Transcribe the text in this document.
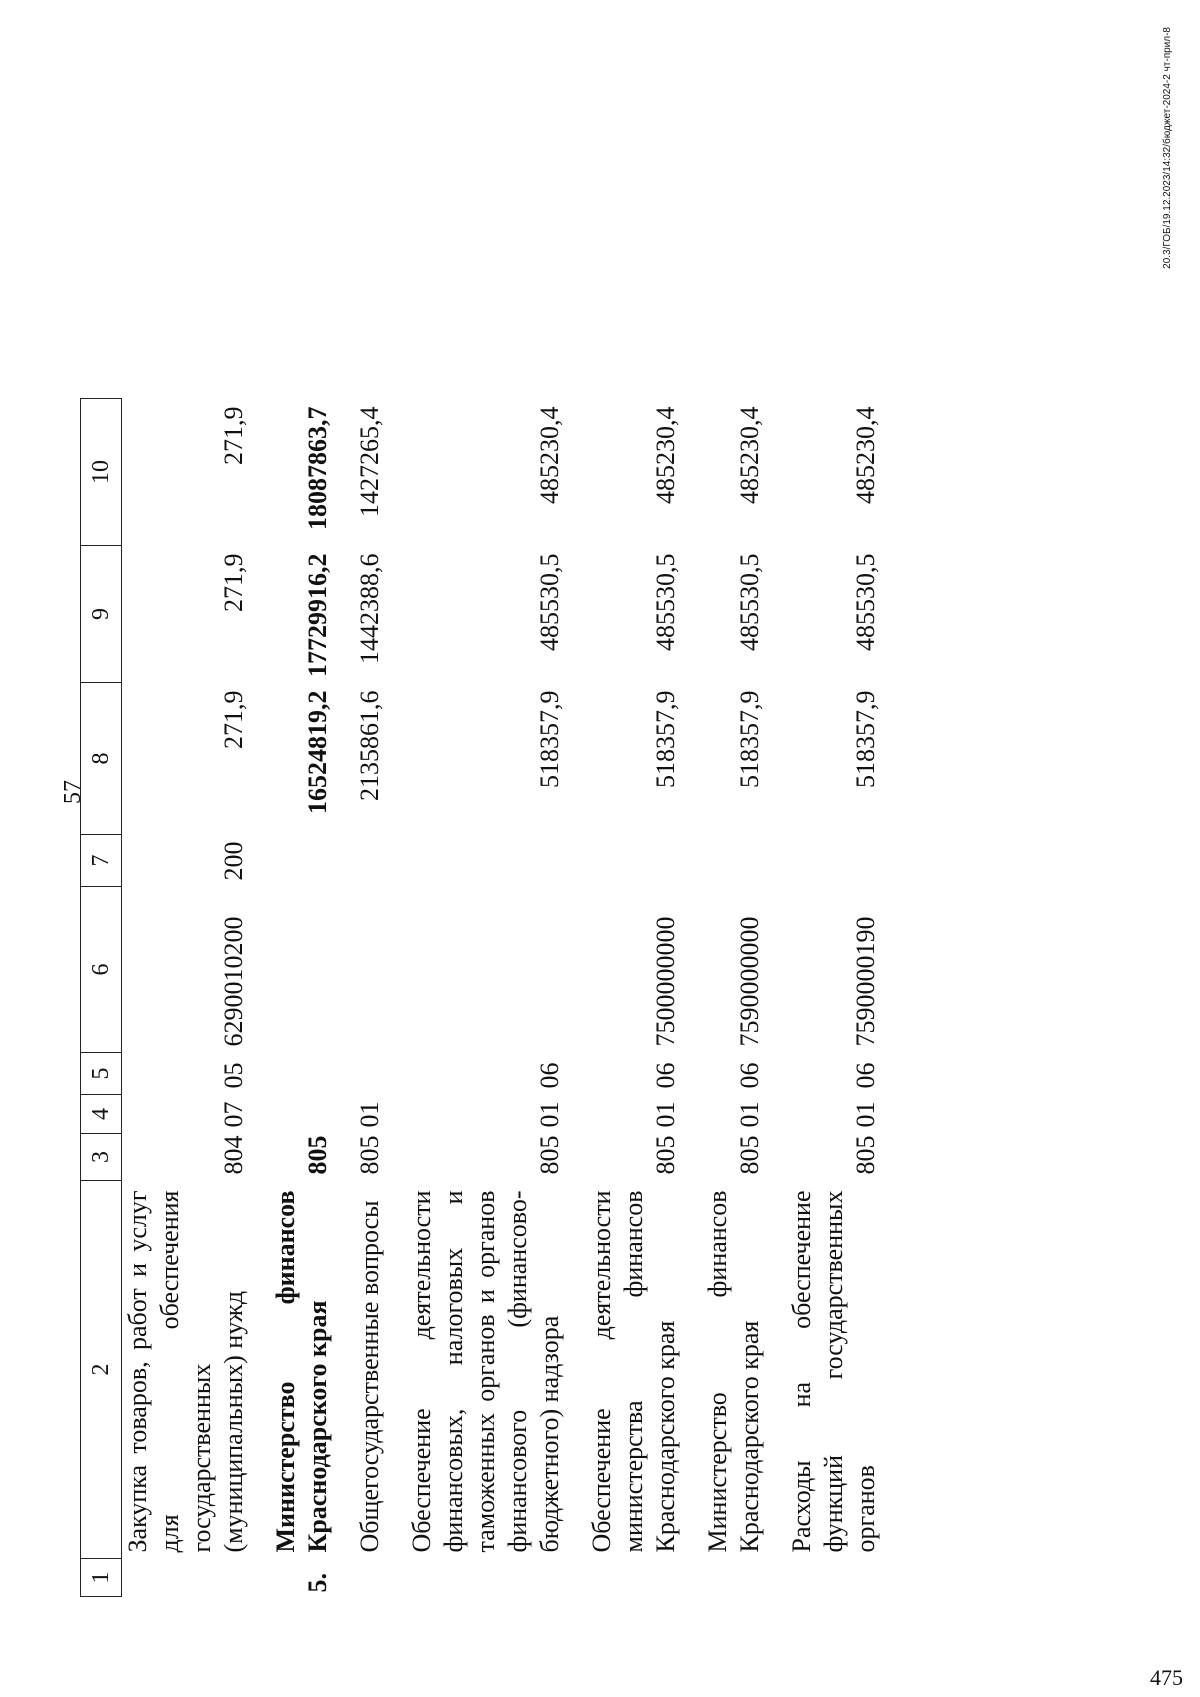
57
1	2	3	4	5	6	7	8	9	10
	Закупка товаров, работ и услуг для обеспечения государственных (муниципальных) нужд	804	07	05	6290010200	200	271,9	271,9	271,9
5.	Министерство финансов Краснодарского края	805					16524819,2	17729916,2	18087863,7
	Общегосударственные вопросы	805	01				2135861,6	1442388,6	1427265,4
	Обеспечение деятельности финансовых, налоговых и таможенных органов и органов финансового (финансово-бюджетного) надзора	805	01	06			518357,9	485530,5	485230,4
	Обеспечение деятельности министерства финансов Краснодарского края	805	01	06	7500000000		518357,9	485530,5	485230,4
	Министерство финансов Краснодарского края	805	01	06	7590000000		518357,9	485530,5	485230,4
	Расходы на обеспечение функций государственных органов	805	01	06	7590000190		518357,9	485530,5	485230,4
20.3/ГОБ/19.12.2023/14:32/бюджет-2024-2 чт-прил-8
475
